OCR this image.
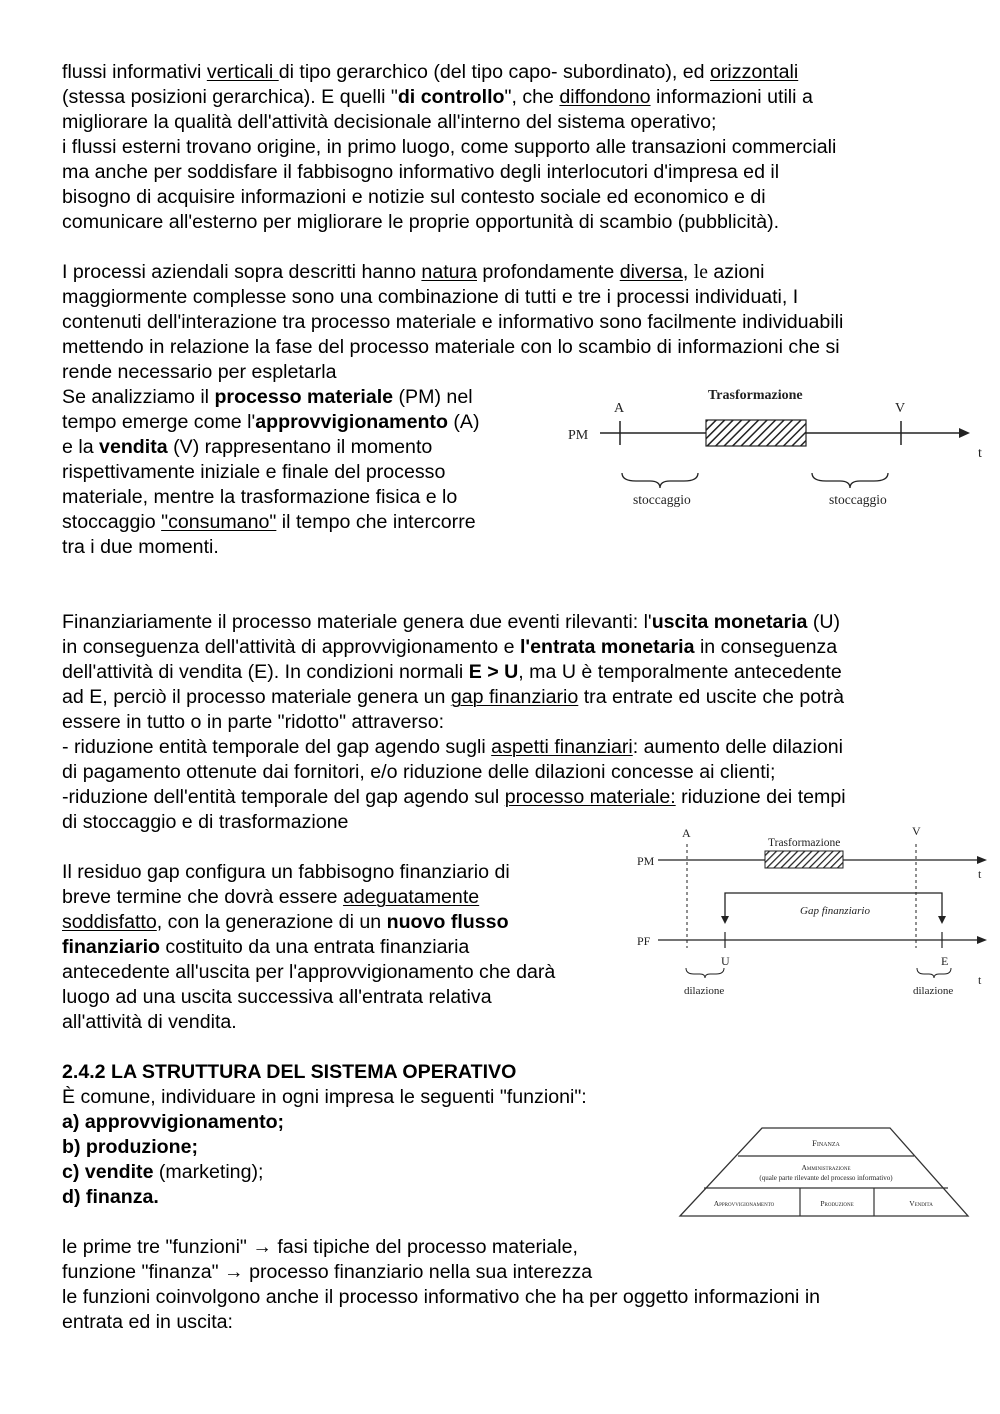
flussi informativi verticali di tipo gerarchico (del tipo capo- subordinato), ed orizzontali
(stessa posizioni gerarchica). E quelli "di controllo", che diffondono informazioni utili a
migliorare la qualità dell'attività decisionale all'interno del sistema operativo;
i flussi esterni trovano origine, in primo luogo, come supporto alle transazioni commerciali
ma anche per soddisfare il fabbisogno informativo degli interlocutori d'impresa ed il
bisogno di acquisire informazioni e notizie sul contesto sociale ed economico e di
comunicare all'esterno per migliorare le proprie opportunità di scambio (pubblicità).
I processi aziendali sopra descritti hanno natura profondamente diversa, le azioni
maggiormente complesse sono una combinazione di tutti e tre i processi individuati, I
contenuti dell'interazione tra processo materiale e informativo sono facilmente individuabili
mettendo in relazione la fase del processo materiale con lo scambio di informazioni che si
rende necessario per espletarla
Se analizziamo il processo materiale (PM) nel
tempo emerge come l'approvvigionamento (A)
e la vendita (V) rappresentano il momento
rispettivamente iniziale e finale del processo
materiale, mentre la trasformazione fisica e lo
stoccaggio "consumano" il tempo che intercorre
tra i due momenti.
Finanziariamente il processo materiale genera due eventi rilevanti: l'uscita monetaria (U)
in conseguenza dell'attività di approvvigionamento e l'entrata monetaria in conseguenza
dell'attività di vendita (E). In condizioni normali E > U, ma U è temporalmente antecedente
ad E, perciò il processo materiale genera un gap finanziario tra entrate ed uscite che potrà
essere in tutto o in parte "ridotto" attraverso:
- riduzione entità temporale del gap agendo sugli aspetti finanziari: aumento delle dilazioni
di pagamento ottenute dai fornitori, e/o riduzione delle dilazioni concesse ai clienti;
-riduzione dell'entità temporale del gap agendo sul processo materiale: riduzione dei tempi
di stoccaggio e di trasformazione
Il residuo gap configura un fabbisogno finanziario di
breve termine che dovrà essere adeguatamente
soddisfatto, con la generazione di un nuovo flusso
finanziario costituito da una entrata finanziaria
antecedente all'uscita per l'approvvigionamento che darà
luogo ad una uscita successiva all'entrata relativa
all'attività di vendita.
2.4.2 LA STRUTTURA DEL SISTEMA OPERATIVO
È comune, individuare in ogni impresa le seguenti "funzioni":
a) approvvigionamento;
b) produzione;
c) vendite (marketing);
d) finanza.
le prime tre "funzioni" → fasi tipiche del processo materiale,
funzione "finanza" → processo finanziario nella sua interezza
le funzioni coinvolgono anche il processo informativo che ha per oggetto informazioni in
entrata ed in uscita:
Trasformazione
A	V
PM
t
stoccaggio	stoccaggio
A	V
Trasformazione
PM
t
Gap finanziario
PF
U	E
t
dilazione	dilazione
Finanza
Amministrazione
(quale parte rilevante del processo informativo)
Approvvigionamento	Produzione	Vendita
